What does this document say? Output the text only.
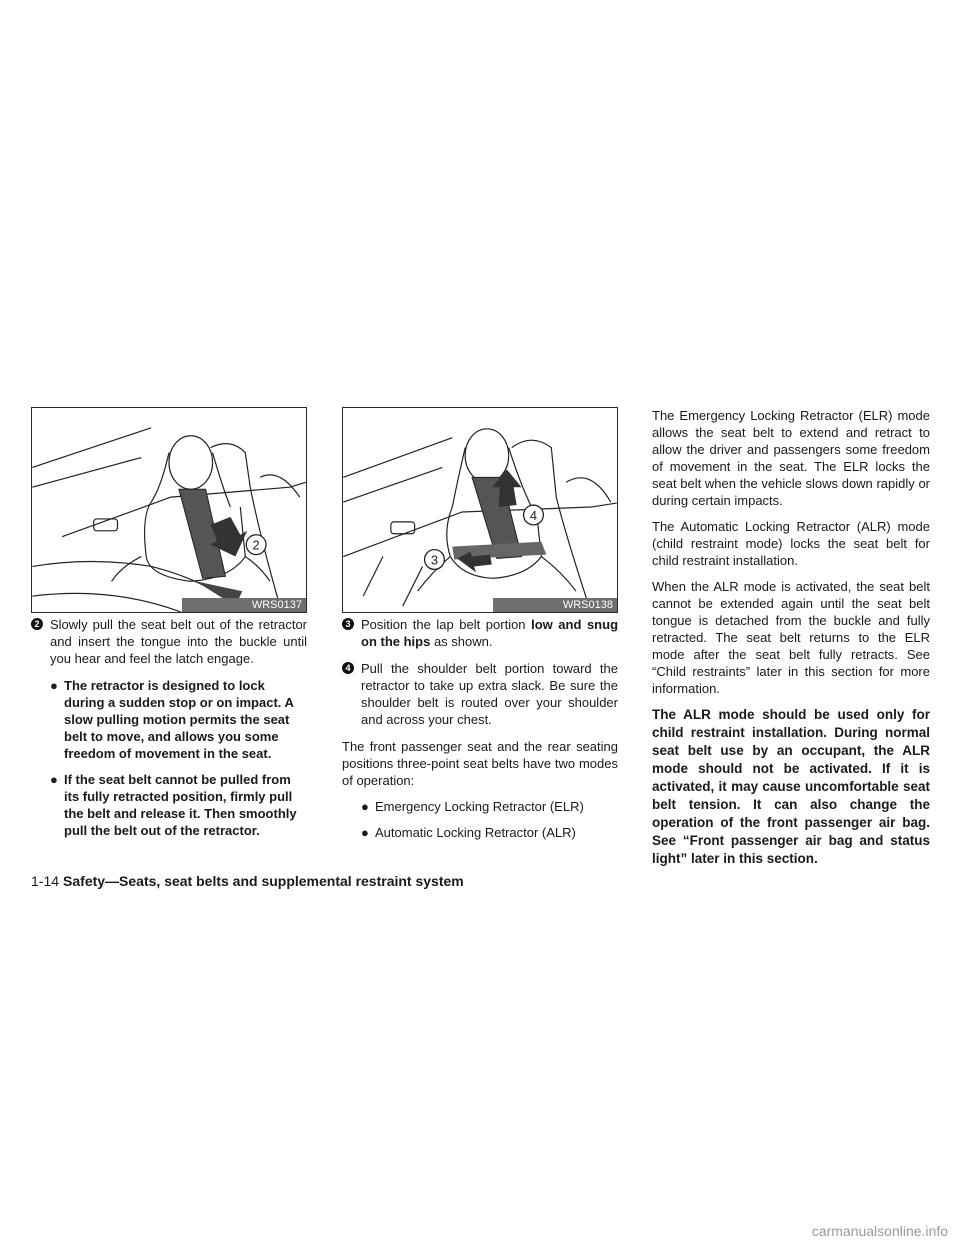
2
WRS0137
4
3
WRS0138
2 Slowly pull the seat belt out of the retractor and insert the tongue into the buckle until you hear and feel the latch engage.
● The retractor is designed to lock during a sudden stop or on impact. A slow pulling motion permits the seat belt to move, and allows you some freedom of movement in the seat.
● If the seat belt cannot be pulled from its fully retracted position, firmly pull the belt and release it. Then smoothly pull the belt out of the retractor.
3 Position the lap belt portion low and snug on the hips as shown.
4 Pull the shoulder belt portion toward the retractor to take up extra slack. Be sure the shoulder belt is routed over your shoulder and across your chest.

The front passenger seat and the rear seating positions three-point seat belts have two modes of operation:

● Emergency Locking Retractor (ELR)
● Automatic Locking Retractor (ALR)

The Emergency Locking Retractor (ELR) mode allows the seat belt to extend and retract to allow the driver and passengers some freedom of movement in the seat. The ELR locks the seat belt when the vehicle slows down rapidly or during certain impacts.

The Automatic Locking Retractor (ALR) mode (child restraint mode) locks the seat belt for child restraint installation.

When the ALR mode is activated, the seat belt cannot be extended again until the seat belt tongue is detached from the buckle and fully retracted. The seat belt returns to the ELR mode after the seat belt fully retracts. See “Child restraints” later in this section for more information.

The ALR mode should be used only for child restraint installation. During normal seat belt use by an occupant, the ALR mode should not be activated. If it is activated, it may cause uncomfortable seat belt tension. It can also change the operation of the front passenger air bag. See “Front passenger air bag and status light” later in this section.

1-14 Safety—Seats, seat belts and supplemental restraint system
carmanualsonline.info
